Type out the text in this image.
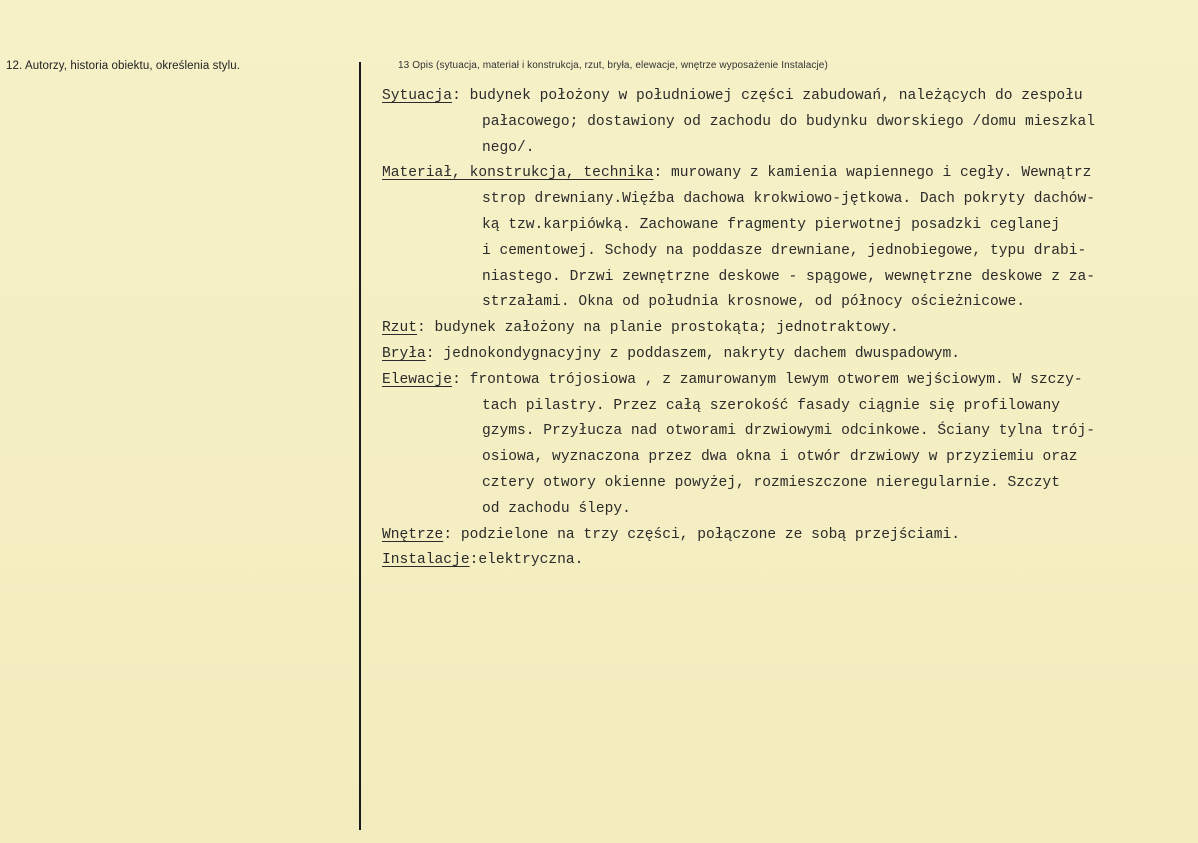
12. Autorzy, historia obiektu, określenia stylu.	13 Opis (sytuacja, materiał i konstrukcja, rzut, bryła, elewacje, wnętrze wyposażenie Instalacje)
Sytuacja: budynek położony w południowej części zabudowań, należących do zespołu
pałacowego; dostawiony od zachodu do budynku dworskiego /domu mieszkal
nego/.
Materiał, konstrukcja, technika: murowany z kamienia wapiennego i cegły. Wewnątrz
strop drewniany.Więźba dachowa krokwiowo-jętkowa. Dach pokryty dachów-
ką tzw.karpiówką. Zachowane fragmenty pierwotnej posadzki ceglanej
i cementowej. Schody na poddasze drewniane, jednobiegowe, typu drabi-
niastego. Drzwi zewnętrzne deskowe - spągowe, wewnętrzne deskowe z za-
strzałami. Okna od południa krosnowe, od północy ościeżnicowe.
Rzut: budynek założony na planie prostokąta; jednotraktowy.
Bryła: jednokondygnacyjny z poddaszem, nakryty dachem dwuspadowym.
Elewacje: frontowa trójosiowa , z zamurowanym lewym otworem wejściowym. W szczy-
tach pilastry. Przez całą szerokość fasady ciągnie się profilowany
gzyms. Przyłucza nad otworami drzwiowymi odcinkowe. Ściany tylna trój-
osiowa, wyznaczona przez dwa okna i otwór drzwiowy w przyziemiu oraz
cztery otwory okienne powyżej, rozmieszczone nieregularnie. Szczyt
od zachodu ślepy.
Wnętrze: podzielone na trzy części, połączone ze sobą przejściami.
Instalacje:elektryczna.
